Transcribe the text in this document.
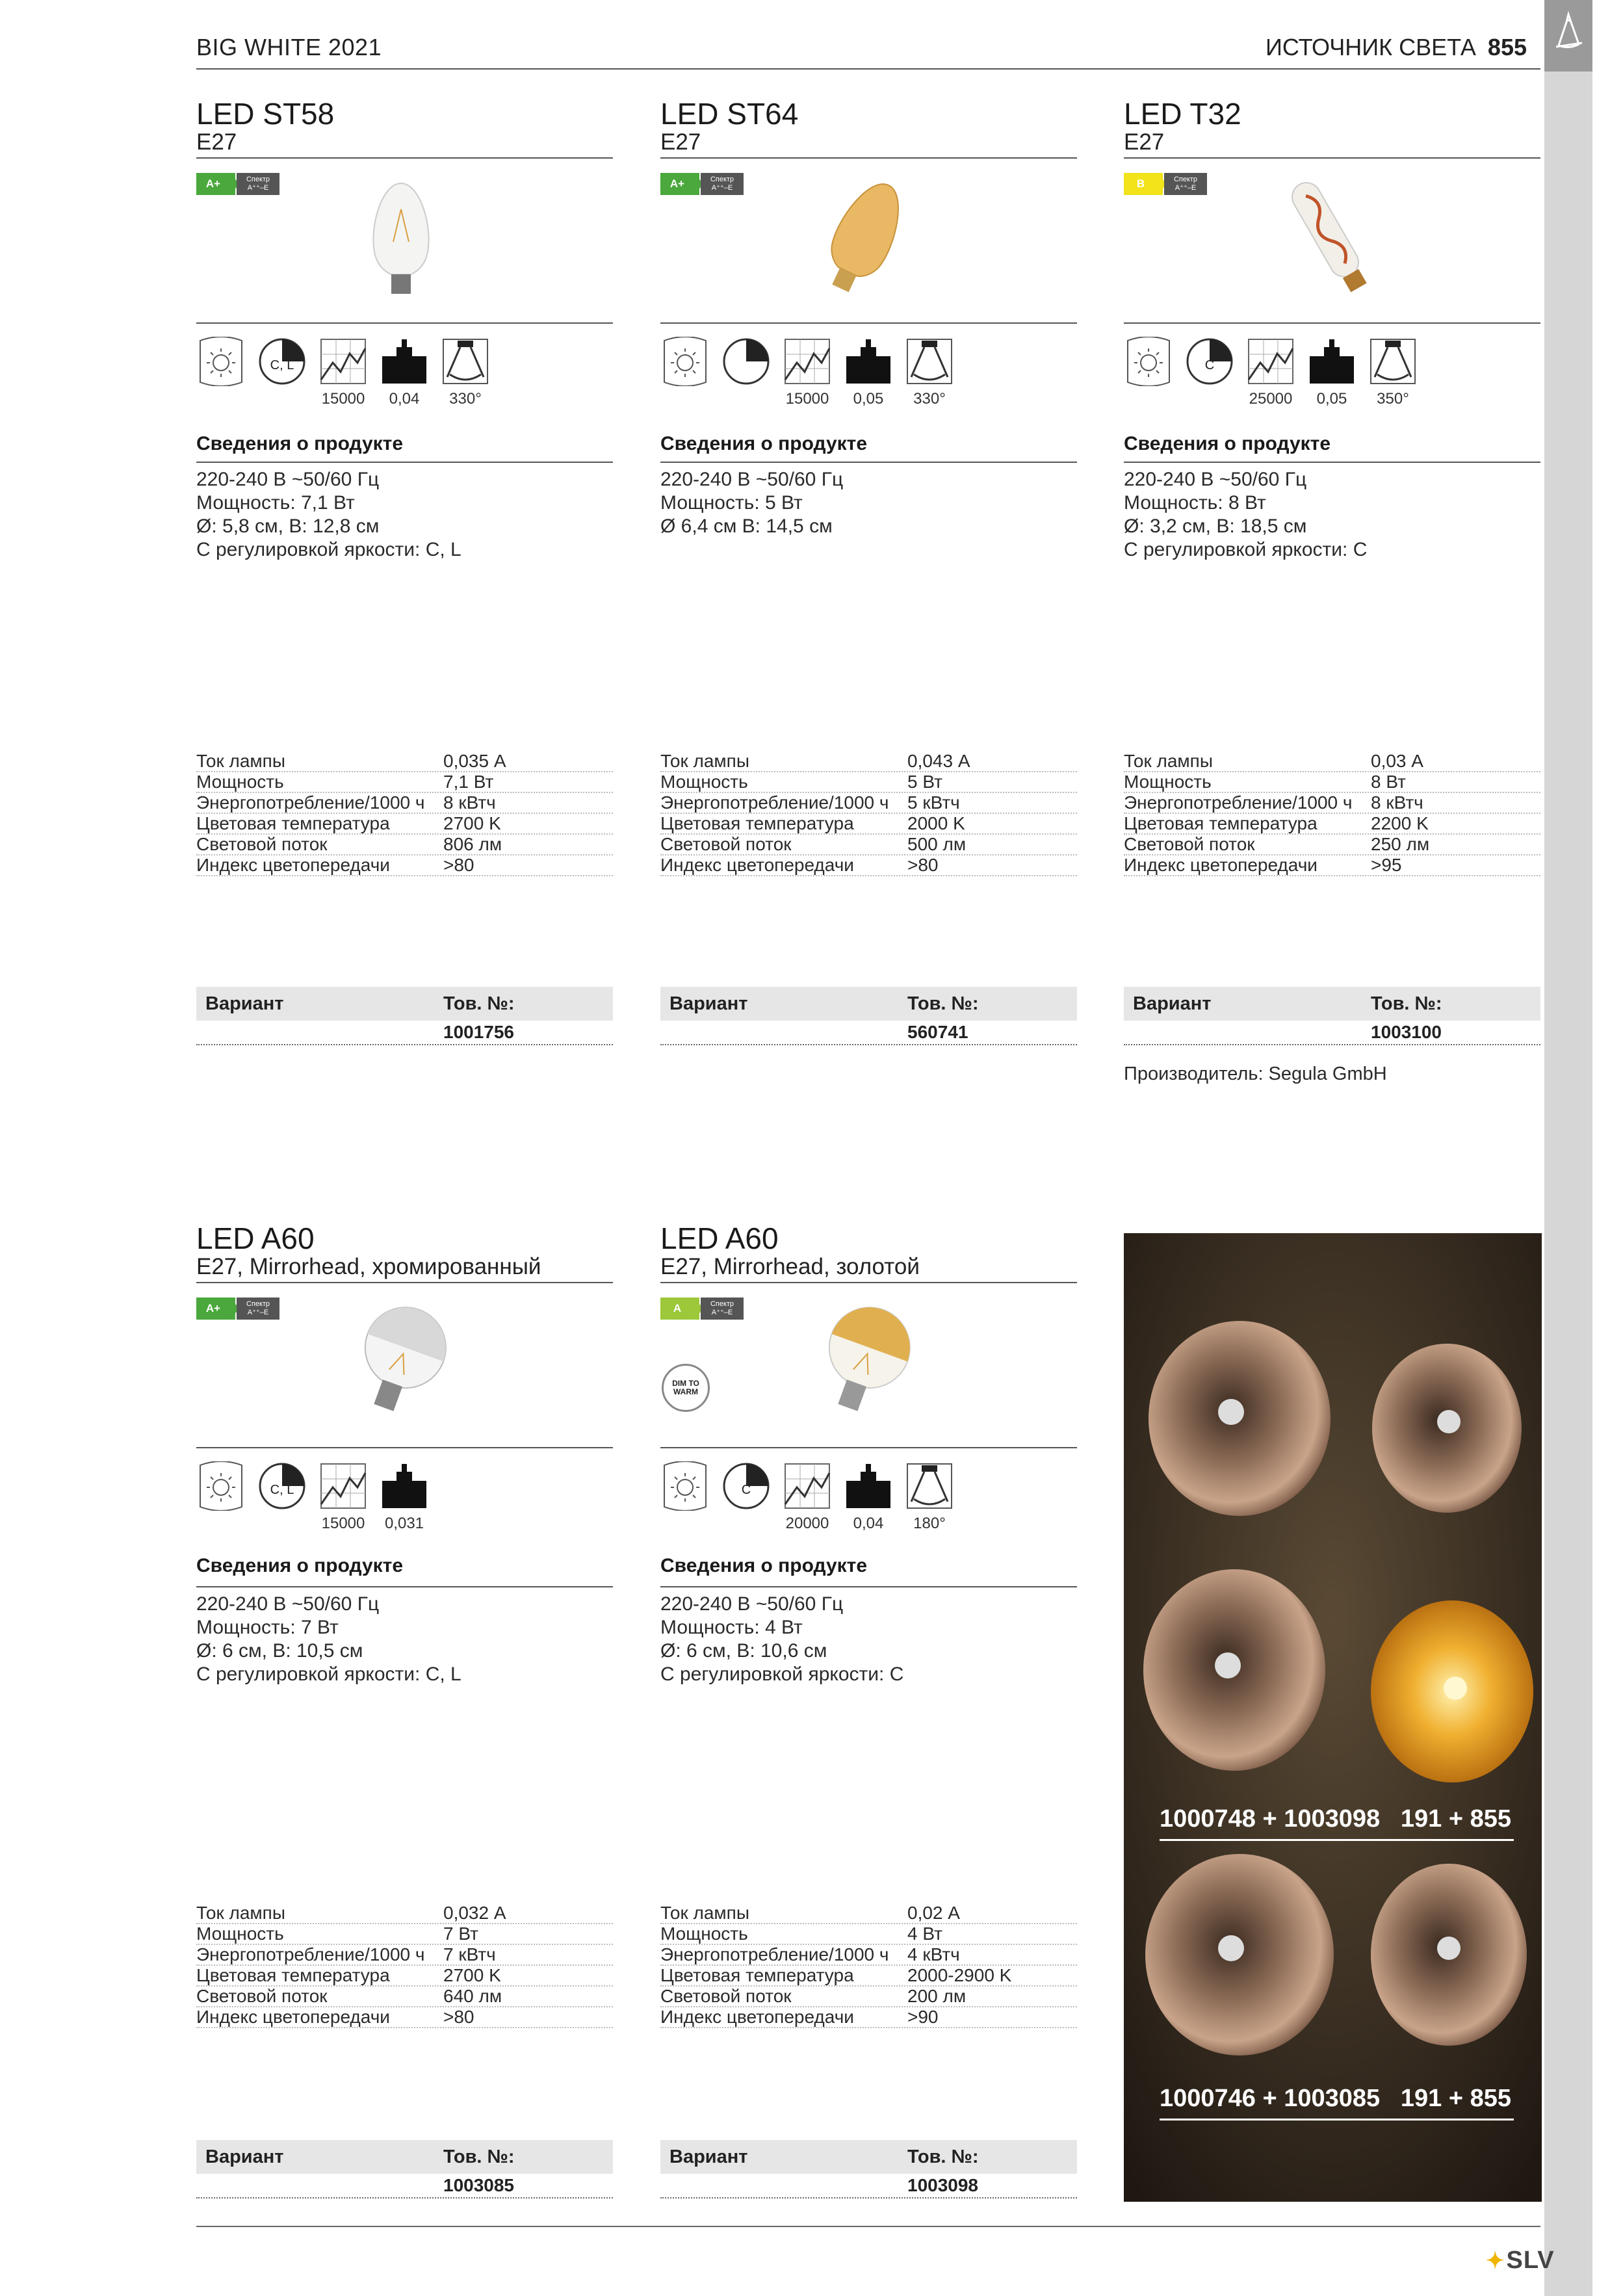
BIG WHITE 2021	ИСТОЧНИК СВЕТА 855
LED ST58
E27
A+	Спектр
A⁺⁺–E
C, L
15000	0,04	330°
Сведения о продукте
220-240 В ~50/60 Гц
Мощность: 7,1 Вт
Ø: 5,8 см, В: 12,8 см
С регулировкой яркости: C, L
Ток лампы	0,035 А
Мощность	7,1 Вт
Энергопотребление/1000 ч	8 кВтч
Цветовая температура	2700 K
Световой поток	806 лм
Индекс цветопередачи	>80
Вариант	Тов. №:
1001756
LED ST64
E27
A+	Спектр
A⁺⁺–E
15000	0,05	330°
Сведения о продукте
220-240 В ~50/60 Гц
Мощность: 5 Вт
Ø 6,4 см В: 14,5 см
Ток лампы	0,043 А
Мощность	5 Вт
Энергопотребление/1000 ч	5 кВтч
Цветовая температура	2000 K
Световой поток	500 лм
Индекс цветопередачи	>80
Вариант	Тов. №:
560741
LED T32
E27
B	Спектр
A⁺⁺–E
C
25000	0,05	350°
Сведения о продукте
220-240 В ~50/60 Гц
Мощность: 8 Вт
Ø: 3,2 см, В: 18,5 см
С регулировкой яркости: C
Ток лампы	0,03 А
Мощность	8 Вт
Энергопотребление/1000 ч	8 кВтч
Цветовая температура	2200 K
Световой поток	250 лм
Индекс цветопередачи	>95
Вариант	Тов. №:
1003100
Производитель: Segula GmbH
LED A60
E27, Mirrorhead, хромированный
A+	Спектр
A⁺⁺–E
C, L
15000	0,031
Сведения о продукте
220-240 В ~50/60 Гц
Мощность: 7 Вт
Ø: 6 см, В: 10,5 см
С регулировкой яркости: C, L
Ток лампы	0,032 А
Мощность	7 Вт
Энергопотребление/1000 ч	7 кВтч
Цветовая температура	2700 K
Световой поток	640 лм
Индекс цветопередачи	>80
Вариант	Тов. №:
1003085
LED A60
E27, Mirrorhead, золотой
A	Спектр
A⁺⁺–E
DIM TO WARM
C
20000	0,04	180°
Сведения о продукте
220-240 В ~50/60 Гц
Мощность: 4 Вт
Ø: 6 см, В: 10,6 см
С регулировкой яркости: C
Ток лампы	0,02 А
Мощность	4 Вт
Энергопотребление/1000 ч	4 кВтч
Цветовая температура	2000-2900 K
Световой поток	200 лм
Индекс цветопередачи	>90
Вариант	Тов. №:
1003098
1000748 + 1003098 191 + 855
1000746 + 1003085 191 + 855
✦SLV
